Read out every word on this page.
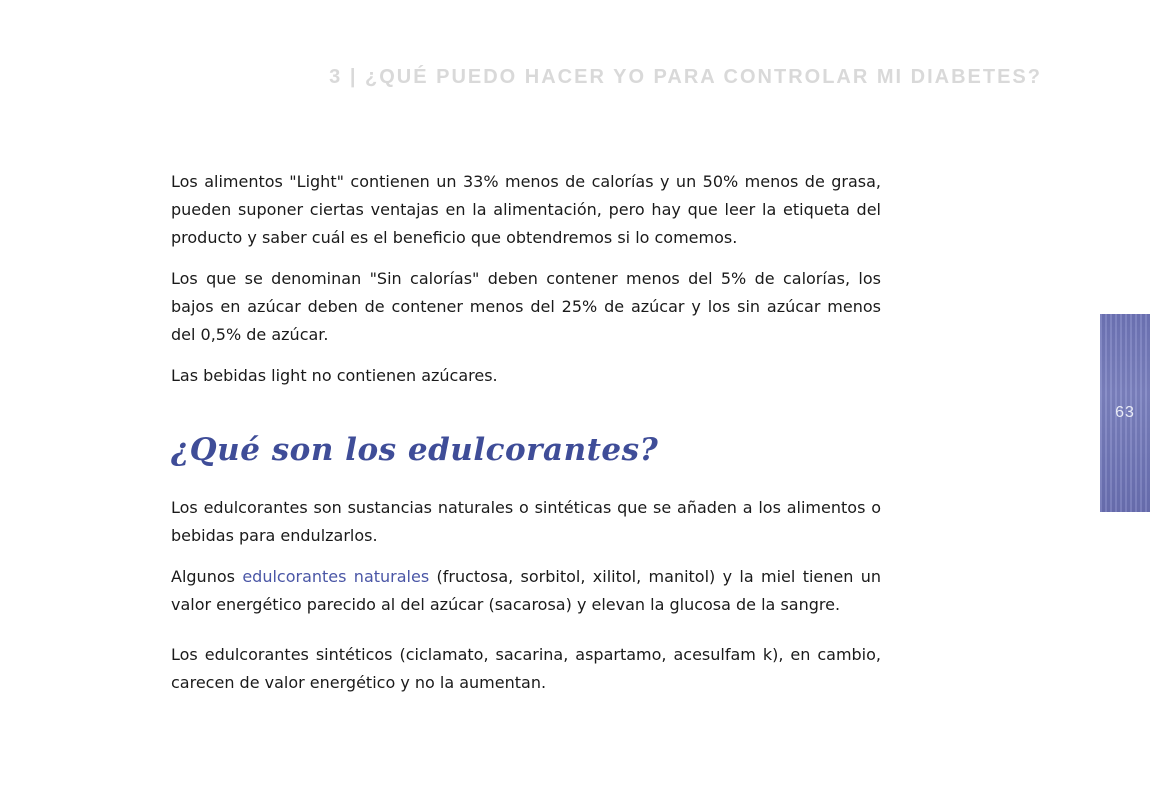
3 | ¿QUÉ PUEDO HACER YO PARA CONTROLAR MI DIABETES?

Los alimentos "Light" contienen un 33% menos de calorías y un 50% menos de grasa, pueden suponer ciertas ventajas en la alimentación, pero hay que leer la etiqueta del producto y saber cuál es el beneficio que obtendremos si lo comemos.

Los que se denominan "Sin calorías" deben contener menos del 5% de calorías, los bajos en azúcar deben de contener menos del 25% de azúcar y los sin azúcar menos del 0,5% de azúcar.

Las bebidas light no contienen azúcares.

¿Qué son los edulcorantes?

Los edulcorantes son sustancias naturales o sintéticas que se añaden a los alimentos o bebidas para endulzarlos.

Algunos edulcorantes naturales (fructosa, sorbitol, xilitol, manitol) y la miel tienen un valor energético parecido al del azúcar (sacarosa) y elevan la glucosa de la sangre.

Los edulcorantes sintéticos (ciclamato, sacarina, aspartamo, acesulfam k), en cambio, carecen de valor energético y no la aumentan.

63
